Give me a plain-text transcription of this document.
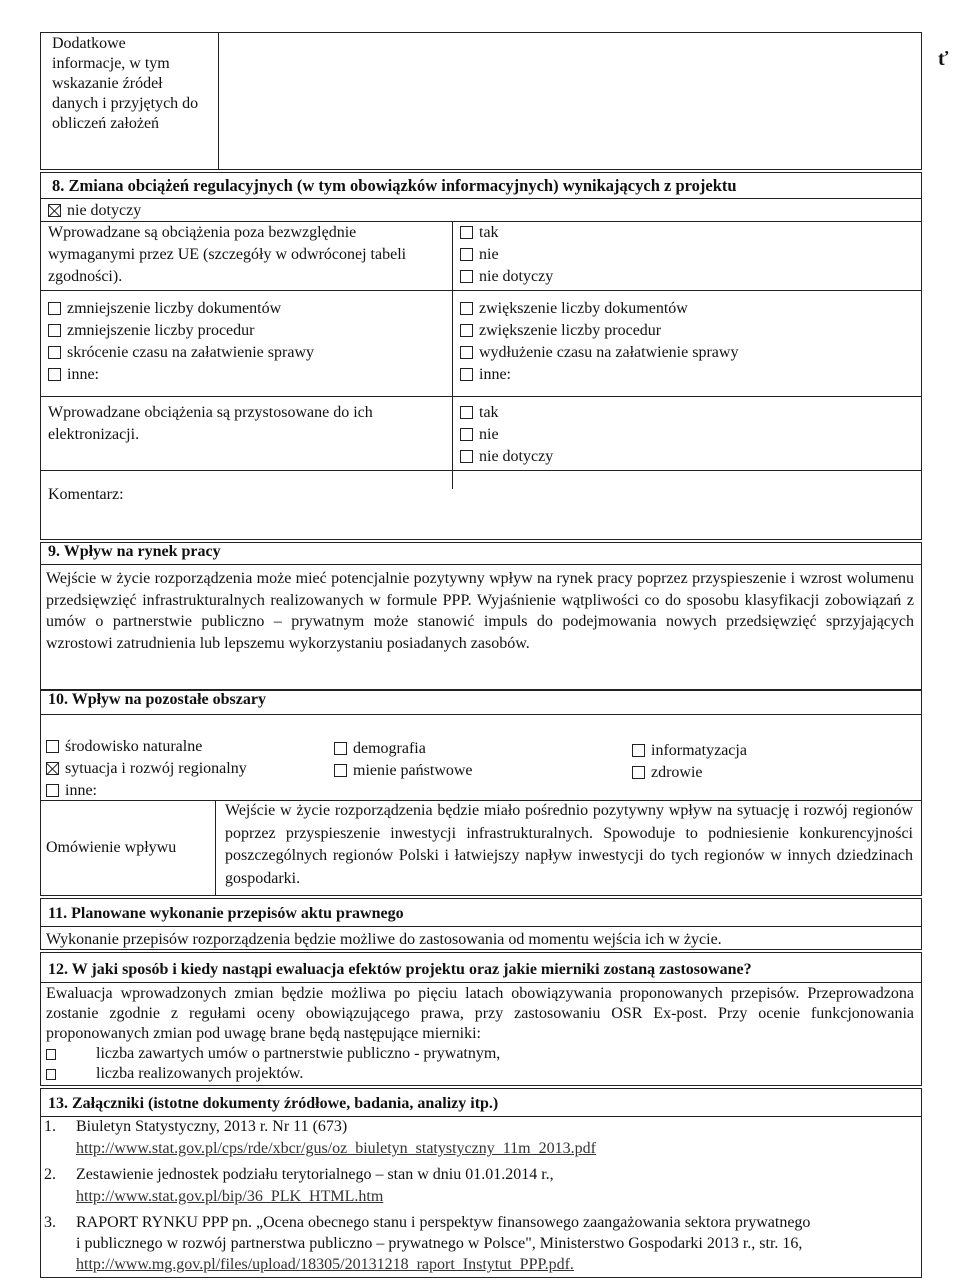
Dodatkowe
informacje, w tym
wskazanie źródeł
danych i przyjętych do
obliczeń założeń
ť
8. Zmiana obciążeń regulacyjnych (w tym obowiązków informacyjnych) wynikających z projektu
nie dotyczy
Wprowadzane są obciążenia poza bezwzględnie
wymaganymi przez UE (szczegóły w odwróconej tabeli
zgodności).
tak
nie
nie dotyczy
zmniejszenie liczby dokumentów
zmniejszenie liczby procedur
skrócenie czasu na załatwienie sprawy
inne:
zwiększenie liczby dokumentów
zwiększenie liczby procedur
wydłużenie czasu na załatwienie sprawy
inne:
Wprowadzane obciążenia są przystosowane do ich
elektronizacji.
tak
nie
nie dotyczy
Komentarz:
9. Wpływ na rynek pracy
Wejście w życie rozporządzenia może mieć potencjalnie pozytywny wpływ na rynek pracy poprzez przyspieszenie i wzrost wolumenu przedsięwzięć infrastrukturalnych realizowanych w formule PPP. Wyjaśnienie wątpliwości co do sposobu klasyfikacji zobowiązań z umów o partnerstwie publiczno – prywatnym może stanowić impuls do podejmowania nowych przedsięwzięć sprzyjających wzrostowi zatrudnienia lub lepszemu wykorzystaniu posiadanych zasobów.
10. Wpływ na pozostałe obszary
środowisko naturalne
sytuacja i rozwój regionalny
inne:
demografia
mienie państwowe
informatyzacja
zdrowie
Omówienie wpływu
Wejście w życie rozporządzenia będzie miało pośrednio pozytywny wpływ na sytuację i rozwój regionów poprzez przyspieszenie inwestycji infrastrukturalnych. Spowoduje to podniesienie konkurencyjności poszczególnych regionów Polski i łatwiejszy napływ inwestycji do tych regionów w innych dziedzinach gospodarki.
11. Planowane wykonanie przepisów aktu prawnego
Wykonanie przepisów rozporządzenia będzie możliwe do zastosowania od momentu wejścia ich w życie.
12. W jaki sposób i kiedy nastąpi ewaluacja efektów projektu oraz jakie mierniki zostaną zastosowane?
Ewaluacja wprowadzonych zmian będzie możliwa po pięciu latach obowiązywania proponowanych przepisów. Przeprowadzona zostanie zgodnie z regułami oceny obowiązującego prawa, przy zastosowaniu OSR Ex-post. Przy ocenie funkcjonowania proponowanych zmian pod uwagę brane będą następujące mierniki:
liczba zawartych umów o partnerstwie publiczno - prywatnym,
liczba realizowanych projektów.
13. Załączniki (istotne dokumenty źródłowe, badania, analizy itp.)
1. Biuletyn Statystyczny, 2013 r. Nr 11 (673)
http://www.stat.gov.pl/cps/rde/xbcr/gus/oz_biuletyn_statystyczny_11m_2013.pdf
2. Zestawienie jednostek podziału terytorialnego – stan w dniu 01.01.2014 r.,
http://www.stat.gov.pl/bip/36_PLK_HTML.htm
3. RAPORT RYNKU PPP pn. „Ocena obecnego stanu i perspektyw finansowego zaangażowania sektora prywatnego
i publicznego w rozwój partnerstwa publiczno – prywatnego w Polsce", Ministerstwo Gospodarki 2013 r., str. 16,
http://www.mg.gov.pl/files/upload/18305/20131218_raport_Instytut_PPP.pdf.
